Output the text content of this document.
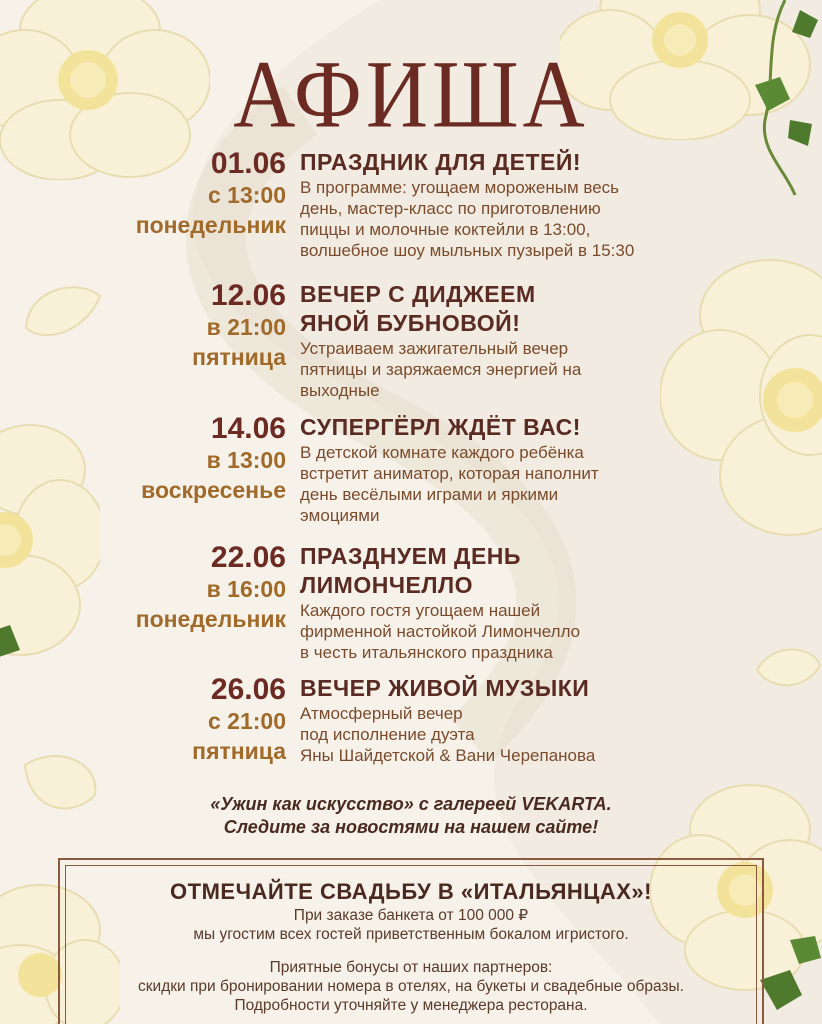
АФИША
01.06
с 13:00
понедельник
ПРАЗДНИК ДЛЯ ДЕТЕЙ!
В программе: угощаем мороженым весь
день, мастер-класс по приготовлению
пиццы и молочные коктейли в 13:00,
волшебное шоу мыльных пузырей в 15:30
12.06
в 21:00
пятница
ВЕЧЕР С ДИДЖЕЕМ
ЯНОЙ БУБНОВОЙ!
Устраиваем зажигательный вечер
пятницы и заряжаемся энергией на
выходные
14.06
в 13:00
воскресенье
СУПЕРГЁРЛ ЖДЁТ ВАС!
В детской комнате каждого ребёнка
встретит аниматор, которая наполнит
день весёлыми играми и яркими
эмоциями
22.06
в 16:00
понедельник
ПРАЗДНУЕМ ДЕНЬ
ЛИМОНЧЕЛЛО
Каждого гостя угощаем нашей
фирменной настойкой Лимончелло
в честь итальянского праздника
26.06
с 21:00
пятница
ВЕЧЕР ЖИВОЙ МУЗЫКИ
Атмосферный вечер
под исполнение дуэта
Яны Шайдетской & Вани Черепанова
«Ужин как искусство» с галереей VEKARTA.
Следите за новостями на нашем сайте!
ОТМЕЧАЙТЕ СВАДЬБУ В «ИТАЛЬЯНЦАХ»!
При заказе банкета от 100 000 ₽
мы угостим всех гостей приветственным бокалом игристого.
Приятные бонусы от наших партнеров:
скидки при бронировании номера в отелях, на букеты и свадебные образы.
Подробности уточняйте у менеджера ресторана.
